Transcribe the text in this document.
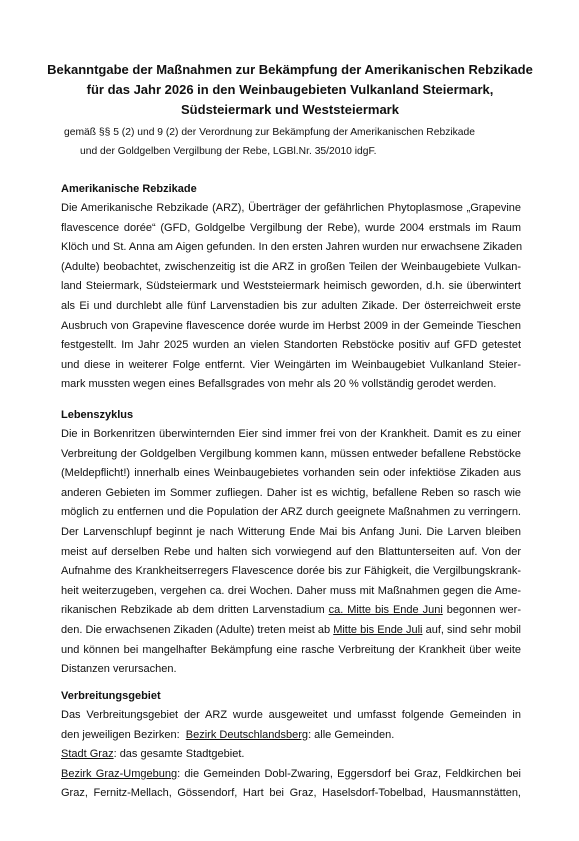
Bekanntgabe der Maßnahmen zur Bekämpfung der Amerikanischen Rebzikade
für das Jahr 2026 in den Weinbaugebieten Vulkanland Steiermark,
Südsteiermark und Weststeiermark
gemäß §§ 5 (2) und 9 (2) der Verordnung zur Bekämpfung der Amerikanischen Rebzikade
und der Goldgelben Vergilbung der Rebe, LGBl.Nr. 35/2010 idgF.
Amerikanische Rebzikade
Die Amerikanische Rebzikade (ARZ), Überträger der gefährlichen Phytoplasmose „Grapevine
flavescence dorée“ (GFD, Goldgelbe Vergilbung der Rebe), wurde 2004 erstmals im Raum
Klöch und St. Anna am Aigen gefunden. In den ersten Jahren wurden nur erwachsene Zikaden
(Adulte) beobachtet, zwischenzeitig ist die ARZ in großen Teilen der Weinbaugebiete Vulkan-
land Steiermark, Südsteiermark und Weststeiermark heimisch geworden, d.h. sie überwintert
als Ei und durchlebt alle fünf Larvenstadien bis zur adulten Zikade. Der österreichweit erste
Ausbruch von Grapevine flavescence dorée wurde im Herbst 2009 in der Gemeinde Tieschen
festgestellt. Im Jahr 2025 wurden an vielen Standorten Rebstöcke positiv auf GFD getestet
und diese in weiterer Folge entfernt. Vier Weingärten im Weinbaugebiet Vulkanland Steier-
mark mussten wegen eines Befallsgrades von mehr als 20 % vollständig gerodet werden.
Lebenszyklus
Die in Borkenritzen überwinternden Eier sind immer frei von der Krankheit. Damit es zu einer
Verbreitung der Goldgelben Vergilbung kommen kann, müssen entweder befallene Rebstöcke
(Meldepflicht!) innerhalb eines Weinbaugebietes vorhanden sein oder infektiöse Zikaden aus
anderen Gebieten im Sommer zufliegen. Daher ist es wichtig, befallene Reben so rasch wie
möglich zu entfernen und die Population der ARZ durch geeignete Maßnahmen zu verringern.
Der Larvenschlupf beginnt je nach Witterung Ende Mai bis Anfang Juni. Die Larven bleiben
meist auf derselben Rebe und halten sich vorwiegend auf den Blattunterseiten auf. Von der
Aufnahme des Krankheitserregers Flavescence dorée bis zur Fähigkeit, die Vergilbungskrank-
heit weiterzugeben, vergehen ca. drei Wochen. Daher muss mit Maßnahmen gegen die Ame-
rikanischen Rebzikade ab dem dritten Larvenstadium ca. Mitte bis Ende Juni begonnen wer-
den. Die erwachsenen Zikaden (Adulte) treten meist ab Mitte bis Ende Juli auf, sind sehr mobil
und können bei mangelhafter Bekämpfung eine rasche Verbreitung der Krankheit über weite
Distanzen verursachen.
Verbreitungsgebiet
Das Verbreitungsgebiet der ARZ wurde ausgeweitet und umfasst folgende Gemeinden in
den jeweiligen Bezirken: Bezirk Deutschlandsberg: alle Gemeinden.
Stadt Graz: das gesamte Stadtgebiet.
Bezirk Graz-Umgebung: die Gemeinden Dobl-Zwaring, Eggersdorf bei Graz, Feldkirchen bei
Graz, Fernitz-Mellach, Gössendorf, Hart bei Graz, Haselsdorf-Tobelbad, Hausmannstätten,
